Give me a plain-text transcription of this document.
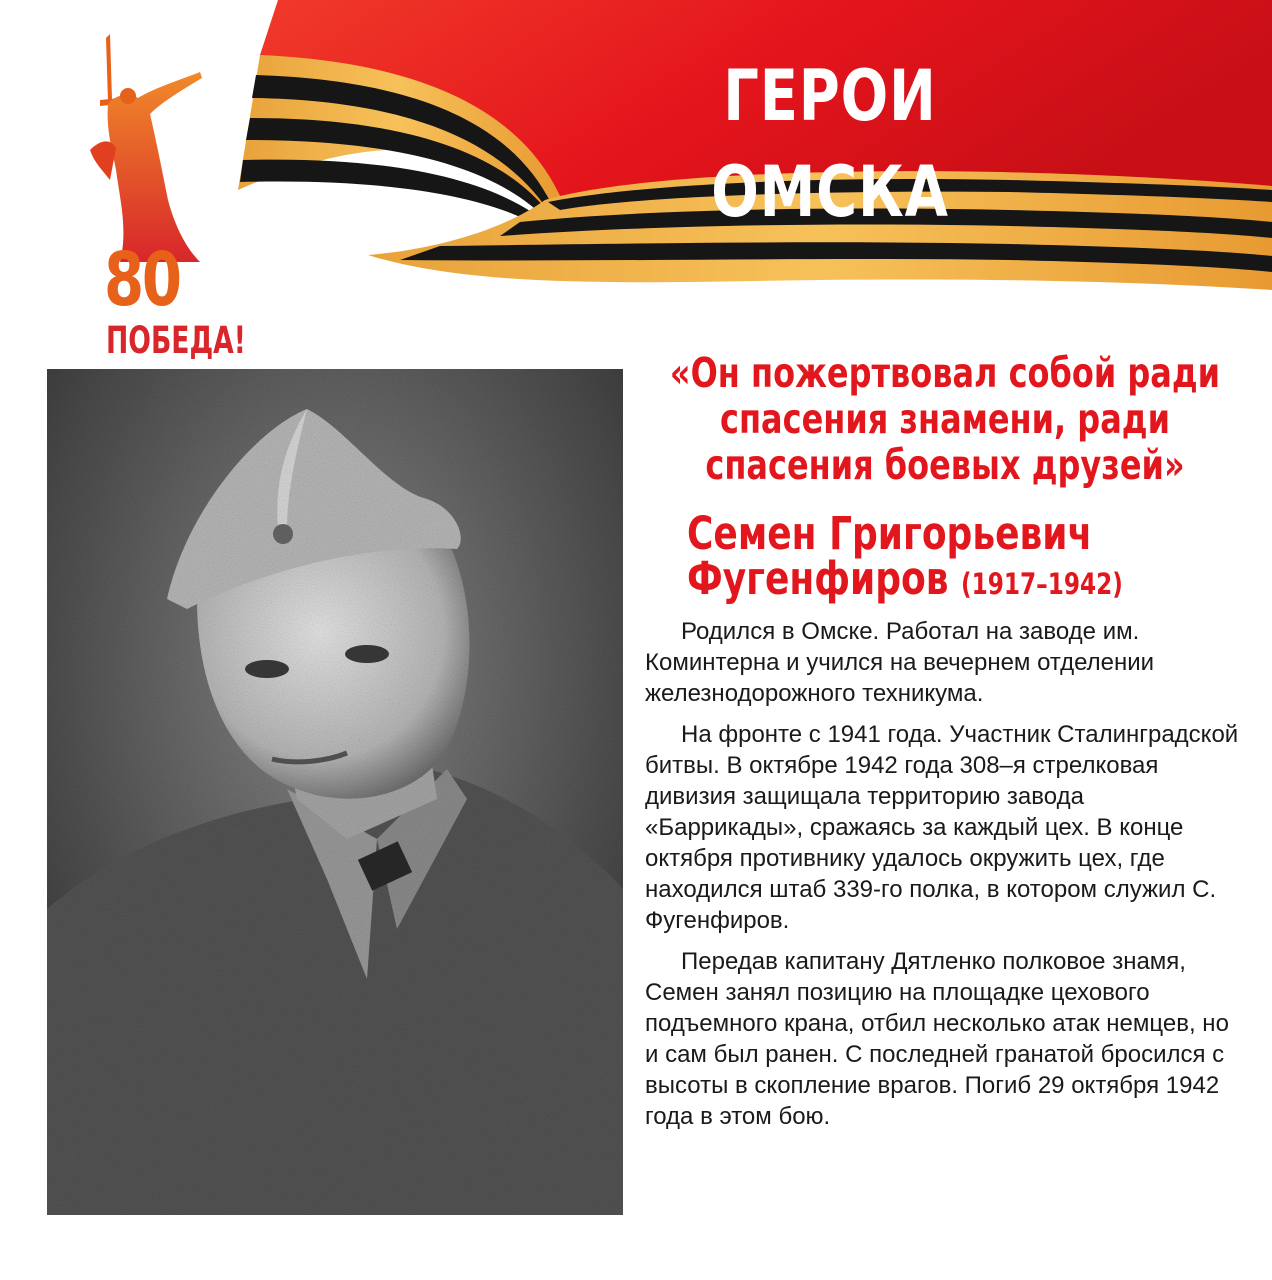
ГЕРОИ ОМСКА
80
ПОБЕДА!
«Он пожертвовал собой ради спасения знамени, ради спасения боевых друзей»
Семен Григорьевич
Фугенфиров (1917–1942)

Родился в Омске. Работал на заводе им. Коминтерна и учился на вечернем отделении железнодорожного техникума.

На фронте с 1941 года. Участник Сталинградской битвы. В октябре 1942 года 308–я стрелковая дивизия защищала территорию завода «Баррикады», сражаясь за каждый цех. В конце октября противнику удалось окружить цех, где находился штаб 339-го полка, в котором служил С. Фугенфиров.

Передав капитану Дятленко полковое знамя, Семен занял позицию на площадке цехового подъемного крана, отбил несколько атак немцев, но и сам был ранен. С последней гранатой бросился с высоты в скопление врагов. Погиб 29 октября 1942 года в этом бою.
